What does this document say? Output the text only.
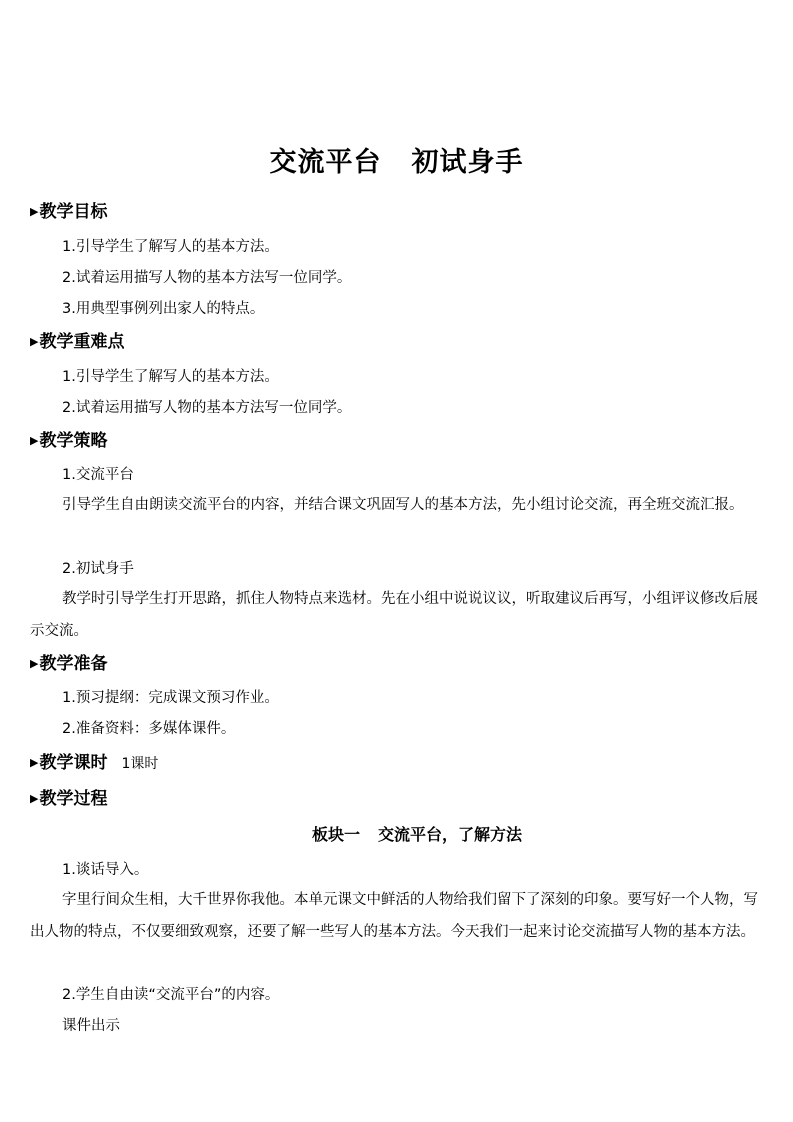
交流平台 初试身手
▶教学目标
1.引导学生了解写人的基本方法。
2.试着运用描写人物的基本方法写一位同学。
3.用典型事例列出家人的特点。
▶教学重难点
1.引导学生了解写人的基本方法。
2.试着运用描写人物的基本方法写一位同学。
▶教学策略
1.交流平台
引导学生自由朗读交流平台的内容，并结合课文巩固写人的基本方法，先小组讨论交流，再全班交流汇报。
2.初试身手
教学时引导学生打开思路，抓住人物特点来选材。先在小组中说说议议，听取建议后再写，小组评议修改后展示交流。
▶教学准备
1.预习提纲：完成课文预习作业。
2.准备资料：多媒体课件。
▶教学课时 1课时
▶教学过程
板块一 交流平台，了解方法
1.谈话导入。
字里行间众生相，大千世界你我他。本单元课文中鲜活的人物给我们留下了深刻的印象。要写好一个人物，写出人物的特点，不仅要细致观察，还要了解一些写人的基本方法。今天我们一起来讨论交流描写人物的基本方法。
2.学生自由读“交流平台”的内容。
课件出示
